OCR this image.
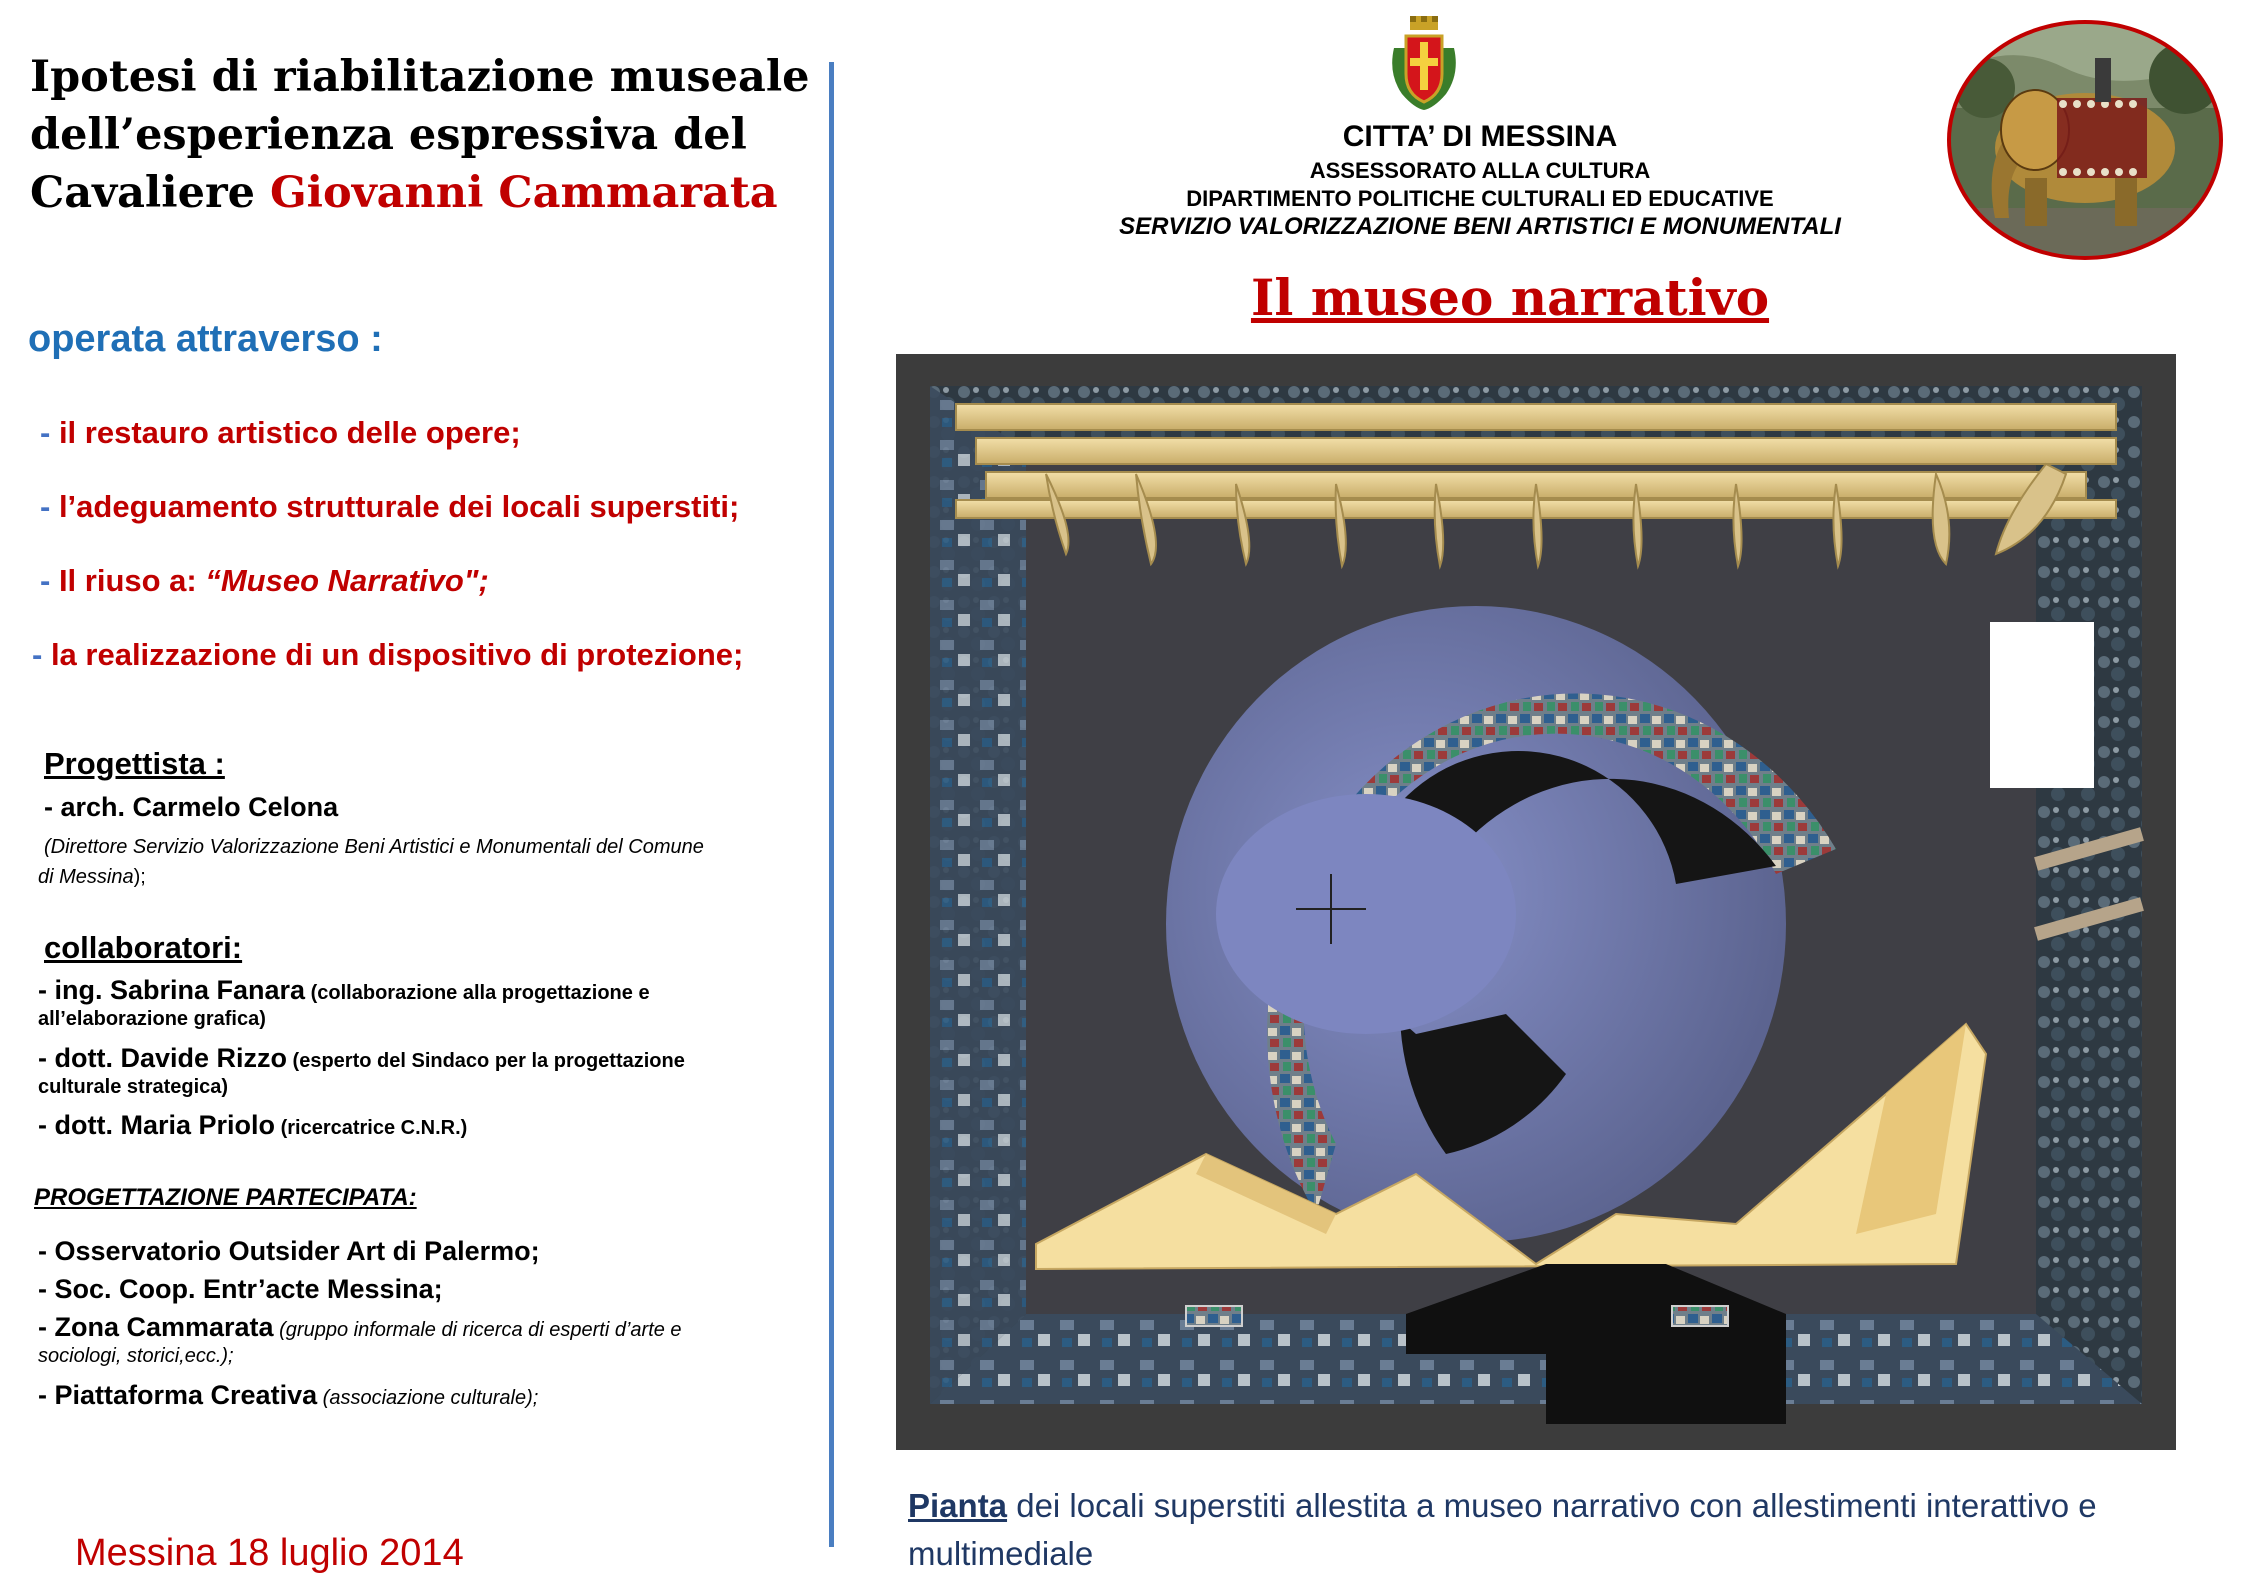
Ipotesi di riabilitazione museale
dell’esperienza espressiva del
Cavaliere Giovanni Cammarata
operata attraverso :
- il restauro artistico delle opere;
- l’adeguamento strutturale dei locali superstiti;
- Il riuso a: “Museo Narrativo";
- la realizzazione di un dispositivo di protezione;
Progettista :
- arch. Carmelo Celona
(Direttore Servizio Valorizzazione Beni Artistici e Monumentali del Comune
di Messina);
collaboratori:
- ing. Sabrina Fanara (collaborazione alla progettazione e
all’elaborazione grafica)
- dott. Davide Rizzo (esperto del Sindaco per la progettazione
culturale strategica)
- dott. Maria Priolo (ricercatrice C.N.R.)
PROGETTAZIONE PARTECIPATA:
- Osservatorio Outsider Art di Palermo;
- Soc. Coop. Entr’acte Messina;
- Zona Cammarata (gruppo informale di ricerca di esperti d’arte e
sociologi, storici,ecc.);
- Piattaforma Creativa (associazione culturale);
Messina 18 luglio 2014
CITTA’ DI MESSINA
ASSESSORATO ALLA CULTURA
DIPARTIMENTO POLITICHE CULTURALI ED EDUCATIVE
SERVIZIO VALORIZZAZIONE BENI ARTISTICI E MONUMENTALI
Il museo narrativo
Pianta dei locali superstiti allestita a museo narrativo con allestimenti interattivo e multimediale
